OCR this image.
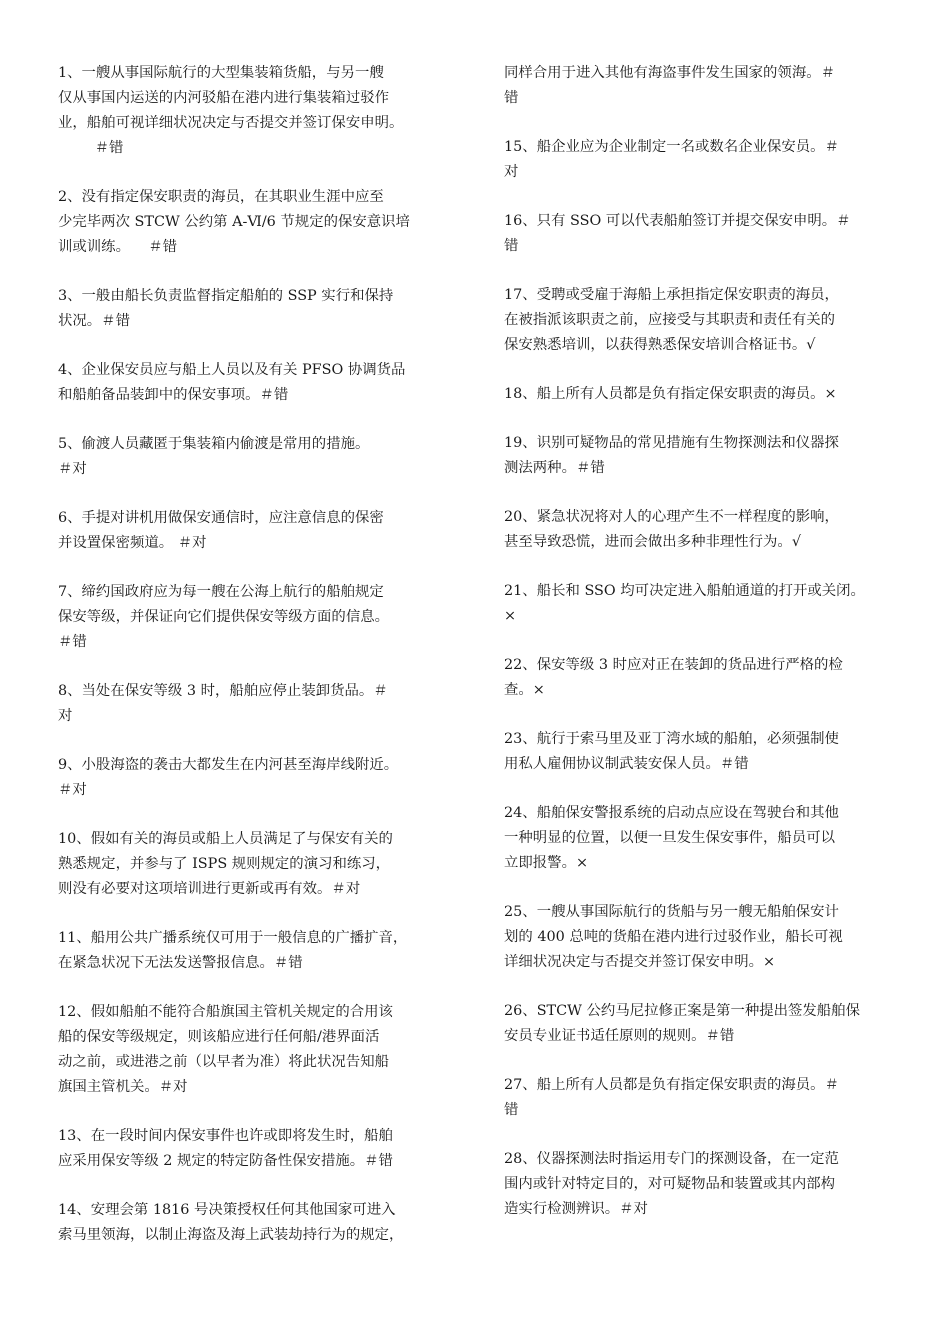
1、一艘从事国际航行的大型集装箱货船，与另一艘
仅从事国内运送的内河驳船在港内进行集装箱过驳作
业，船舶可视详细状况决定与否提交并签订保安申明。
＃错
2、没有指定保安职责的海员，在其职业生涯中应至
少完毕两次 STCW 公约第 A-Ⅵ/6 节规定的保安意识培
训或训练。    ＃错
3、一般由船长负责监督指定船舶的 SSP 实行和保持
状况。＃错
4、企业保安员应与船上人员以及有关 PFSO 协调货品
和船舶备品装卸中的保安事项。＃错
5、偷渡人员藏匿于集装箱内偷渡是常用的措施。
＃对
6、手提对讲机用做保安通信时，应注意信息的保密
并设置保密频道。 ＃对
7、缔约国政府应为每一艘在公海上航行的船舶规定
保安等级，并保证向它们提供保安等级方面的信息。
＃错
8、当处在保安等级 3 时，船舶应停止装卸货品。＃
对
9、小股海盗的袭击大都发生在内河甚至海岸线附近。
＃对
10、假如有关的海员或船上人员满足了与保安有关的
熟悉规定，并参与了 ISPS 规则规定的演习和练习，
则没有必要对这项培训进行更新或再有效。＃对
11、船用公共广播系统仅可用于一般信息的广播扩音，
在紧急状况下无法发送警报信息。＃错
12、假如船舶不能符合船旗国主管机关规定的合用该
船的保安等级规定，则该船应进行任何船/港界面活
动之前，或进港之前（以早者为准）将此状况告知船
旗国主管机关。＃对
13、在一段时间内保安事件也许或即将发生时，船舶
应采用保安等级 2 规定的特定防备性保安措施。＃错
14、安理会第 1816 号决策授权任何其他国家可进入
索马里领海，以制止海盗及海上武装劫持行为的规定，
同样合用于进入其他有海盗事件发生国家的领海。＃
错
15、船企业应为企业制定一名或数名企业保安员。＃
对
16、只有 SSO 可以代表船舶签订并提交保安申明。＃
错
17、受聘或受雇于海船上承担指定保安职责的海员，
在被指派该职责之前，应接受与其职责和责任有关的
保安熟悉培训，以获得熟悉保安培训合格证书。√
18、船上所有人员都是负有指定保安职责的海员。×
19、识别可疑物品的常见措施有生物探测法和仪器探
测法两种。＃错
20、紧急状况将对人的心理产生不一样程度的影响，
甚至导致恐慌，进而会做出多种非理性行为。√
21、船长和 SSO 均可决定进入船舶通道的打开或关闭。
×
22、保安等级 3 时应对正在装卸的货品进行严格的检
查。×
23、航行于索马里及亚丁湾水域的船舶，必须强制使
用私人雇佣协议制武装安保人员。＃错
24、船舶保安警报系统的启动点应设在驾驶台和其他
一种明显的位置，以便一旦发生保安事件，船员可以
立即报警。×
25、一艘从事国际航行的货船与另一艘无船舶保安计
划的 400 总吨的货船在港内进行过驳作业，船长可视
详细状况决定与否提交并签订保安申明。×
26、STCW 公约马尼拉修正案是第一种提出签发船舶保
安员专业证书适任原则的规则。＃错
27、船上所有人员都是负有指定保安职责的海员。＃
错
28、仪器探测法时指运用专门的探测设备，在一定范
围内或针对特定目的，对可疑物品和装置或其内部构
造实行检测辨识。＃对
